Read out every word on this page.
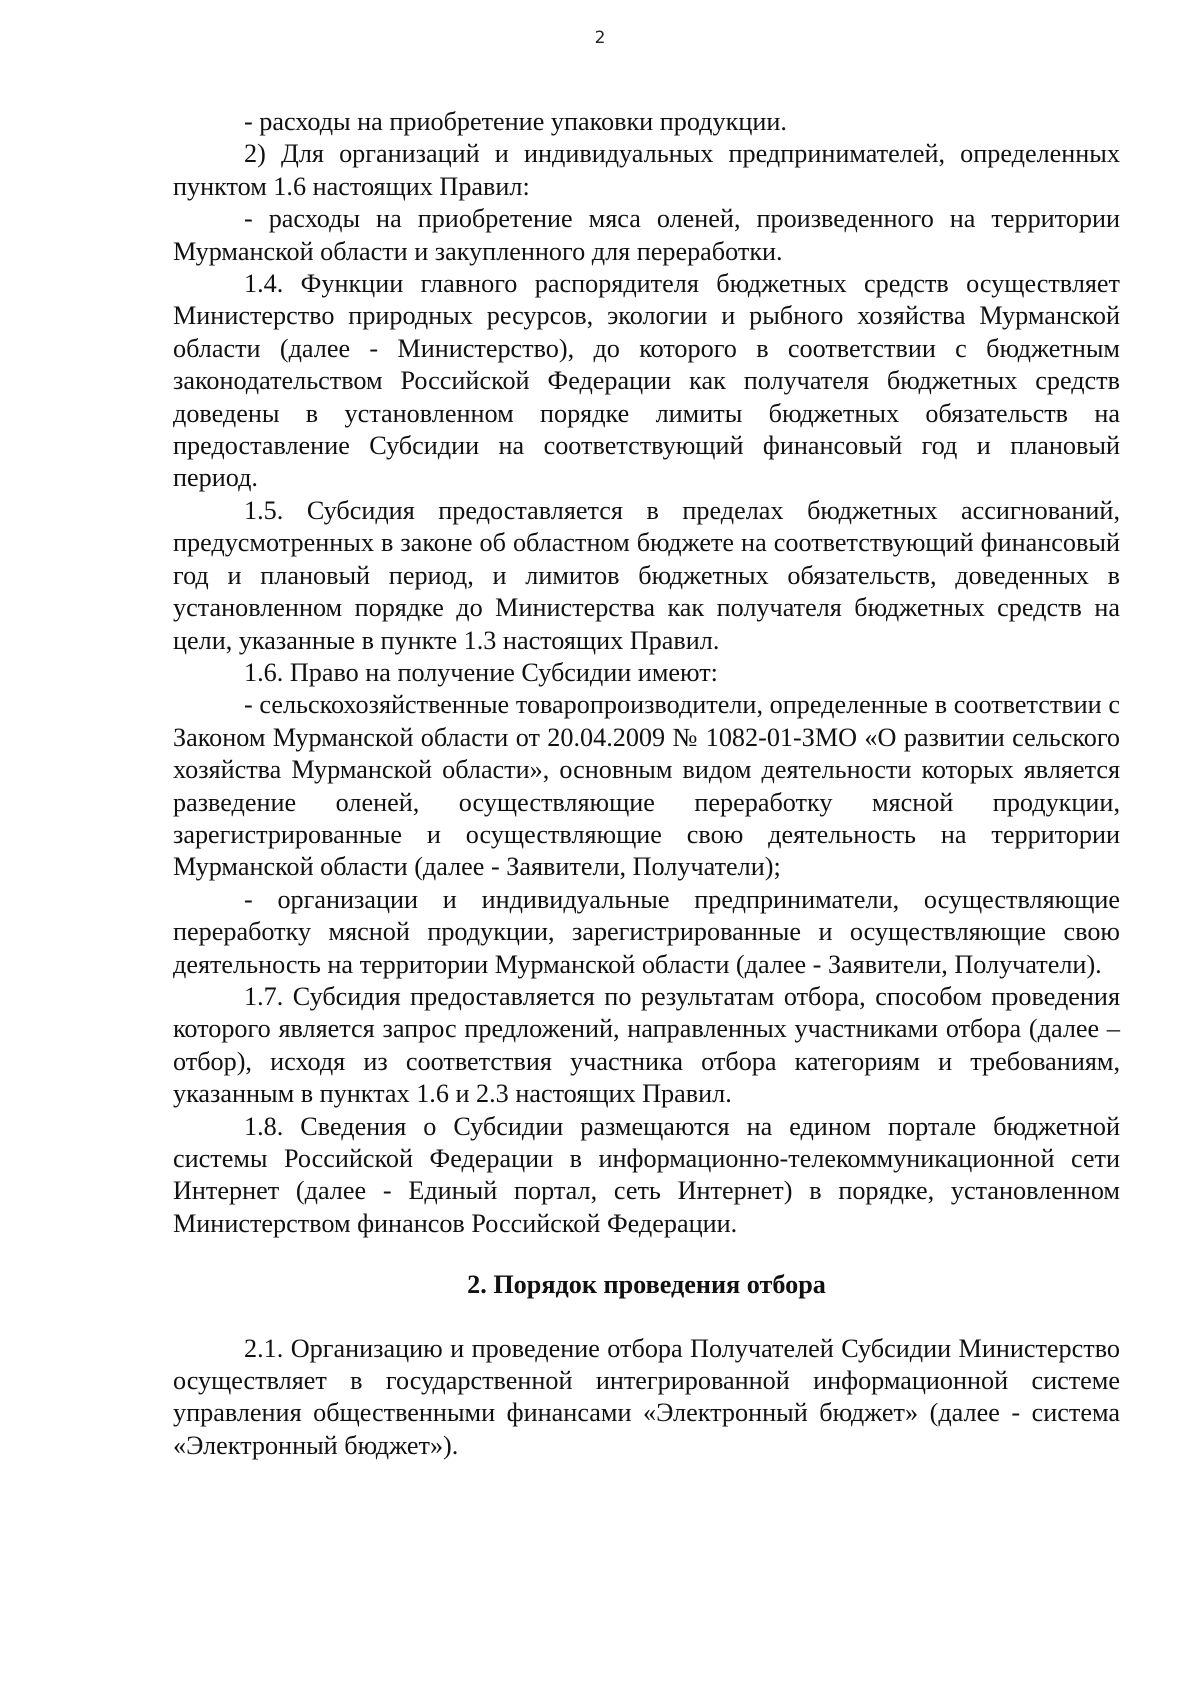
2

- расходы на приобретение упаковки продукции.

2) Для организаций и индивидуальных предпринимателей, определенных пунктом 1.6 настоящих Правил:

- расходы на приобретение мяса оленей, произведенного на территории Мурманской области и закупленного для переработки.

1.4. Функции главного распорядителя бюджетных средств осуществляет Министерство природных ресурсов, экологии и рыбного хозяйства Мурманской области (далее - Министерство), до которого в соответствии с бюджетным законодательством Российской Федерации как получателя бюджетных средств доведены в установленном порядке лимиты бюджетных обязательств на предоставление Субсидии на соответствующий финансовый год и плановый период.

1.5. Субсидия предоставляется в пределах бюджетных ассигнований, предусмотренных в законе об областном бюджете на соответствующий финансовый год и плановый период, и лимитов бюджетных обязательств, доведенных в установленном порядке до Министерства как получателя бюджетных средств на цели, указанные в пункте 1.3 настоящих Правил.

1.6. Право на получение Субсидии имеют:

- сельскохозяйственные товаропроизводители, определенные в соответствии с Законом Мурманской области от 20.04.2009 № 1082-01-ЗМО «О развитии сельского хозяйства Мурманской области», основным видом деятельности которых является разведение оленей, осуществляющие переработку мясной продукции, зарегистрированные и осуществляющие свою деятельность на территории Мурманской области (далее - Заявители, Получатели);

- организации и индивидуальные предприниматели, осуществляющие переработку мясной продукции, зарегистрированные и осуществляющие свою деятельность на территории Мурманской области (далее - Заявители, Получатели).

1.7. Субсидия предоставляется по результатам отбора, способом проведения которого является запрос предложений, направленных участниками отбора (далее – отбор), исходя из соответствия участника отбора категориям и требованиям, указанным в пунктах 1.6 и 2.3 настоящих Правил.

1.8. Сведения о Субсидии размещаются на едином портале бюджетной системы Российской Федерации в информационно-телекоммуникационной сети Интернет (далее - Единый портал, сеть Интернет) в порядке, установленном Министерством финансов Российской Федерации.

2. Порядок проведения отбора

2.1. Организацию и проведение отбора Получателей Субсидии Министерство осуществляет в государственной интегрированной информационной системе управления общественными финансами «Электронный бюджет» (далее - система «Электронный бюджет»).
